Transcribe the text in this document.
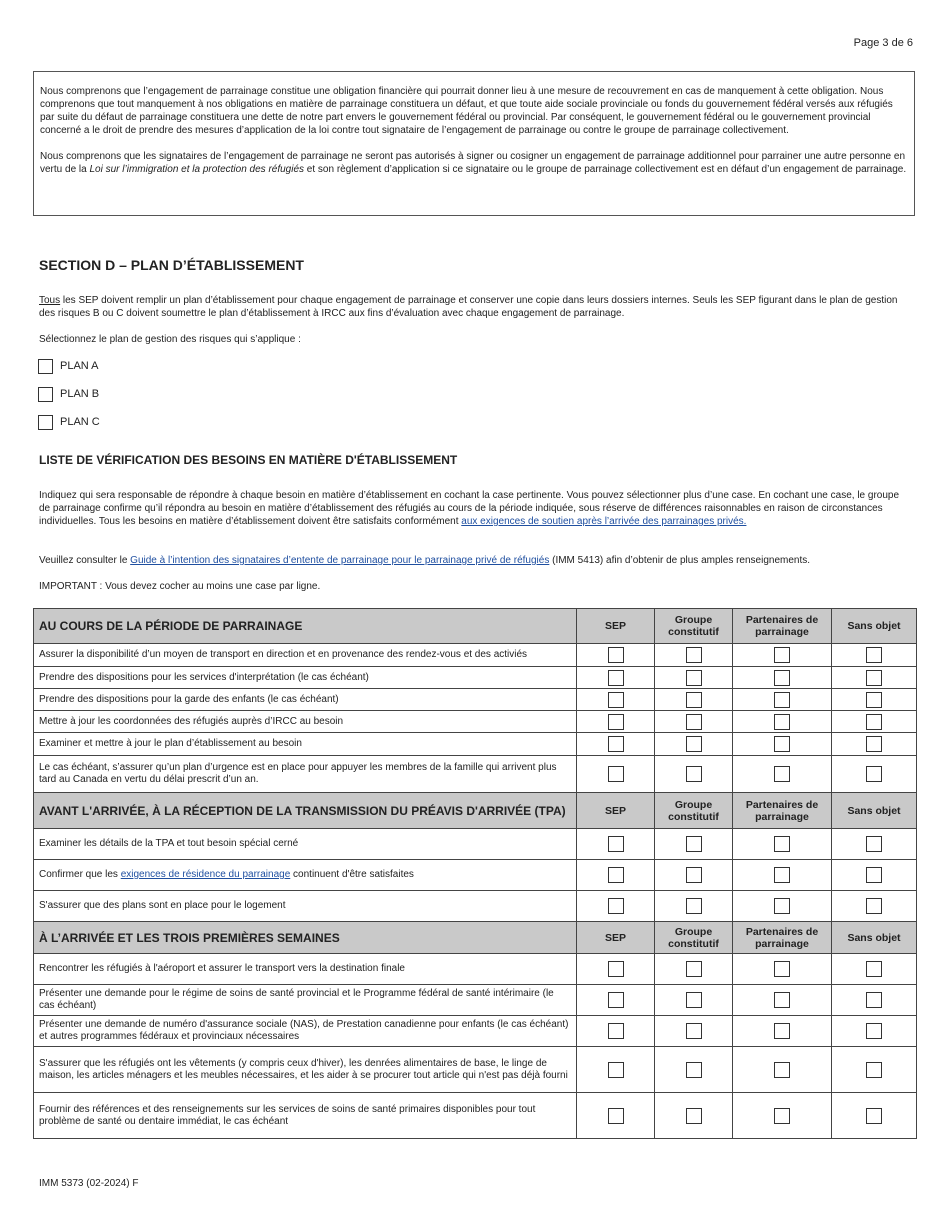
Page 3 de 6

Nous comprenons que l’engagement de parrainage constitue une obligation financière qui pourrait donner lieu à une mesure de recouvrement en cas de manquement à cette obligation. Nous comprenons que tout manquement à nos obligations en matière de parrainage constituera un défaut, et que toute aide sociale provinciale ou fonds du gouvernement fédéral versés aux réfugiés par suite du défaut de parrainage constituera une dette de notre part envers le gouvernement fédéral ou provincial. Par conséquent, le gouvernement fédéral ou le gouvernement provincial concerné a le droit de prendre des mesures d’application de la loi contre tout signataire de l’engagement de parrainage ou contre le groupe de parrainage collectivement.

Nous comprenons que les signataires de l’engagement de parrainage ne seront pas autorisés à signer ou cosigner un engagement de parrainage additionnel pour parrainer une autre personne en vertu de la Loi sur l’immigration et la protection des réfugiés et son règlement d’application si ce signataire ou le groupe de parrainage collectivement est en défaut d’un engagement de parrainage.

SECTION D – PLAN D’ÉTABLISSEMENT
Tous les SEP doivent remplir un plan d’établissement pour chaque engagement de parrainage et conserver une copie dans leurs dossiers internes. Seuls les SEP figurant dans le plan de gestion des risques B ou C doivent soumettre le plan d’établissement à IRCC aux fins d’évaluation avec chaque engagement de parrainage.
Sélectionnez le plan de gestion des risques qui s’applique :
PLAN A
PLAN B
PLAN C
LISTE DE VÉRIFICATION DES BESOINS EN MATIÈRE D'ÉTABLISSEMENT
Indiquez qui sera responsable de répondre à chaque besoin en matière d’établissement en cochant la case pertinente. Vous pouvez sélectionner plus d’une case. En cochant une case, le groupe de parrainage confirme qu’il répondra au besoin en matière d’établissement des réfugiés au cours de la période indiquée, sous réserve de différences raisonnables en raison de circonstances individuelles. Tous les besoins en matière d’établissement doivent être satisfaits conformément aux exigences de soutien après l’arrivée des parrainages privés.
Veuillez consulter le Guide à l’intention des signataires d’entente de parrainage pour le parrainage privé de réfugiés (IMM 5413) afin d’obtenir de plus amples renseignements.
IMPORTANT : Vous devez cocher au moins une case par ligne.
AU COURS DE LA PÉRIODE DE PARRAINAGE	SEP	Groupe constitutif	Partenaires de parrainage	Sans objet
Assurer la disponibilité d’un moyen de transport en direction et en provenance des rendez-vous et des activiés				
Prendre des dispositions pour les services d'interprétation (le cas échéant)				
Prendre des dispositions pour la garde des enfants (le cas échéant)				
Mettre à jour les coordonnées des réfugiés auprès d’IRCC au besoin				
Examiner et mettre à jour le plan d’établissement au besoin				
Le cas échéant, s’assurer qu’un plan d’urgence est en place pour appuyer les membres de la famille qui arrivent plus tard au Canada en vertu du délai prescrit d’un an.				
AVANT L'ARRIVÉE, À LA RÉCEPTION DE LA TRANSMISSION DU PRÉAVIS D'ARRIVÉE (TPA)	SEP	Groupe constitutif	Partenaires de parrainage	Sans objet
Examiner les détails de la TPA et tout besoin spécial cerné				
Confirmer que les exigences de résidence du parrainage continuent d'être satisfaites				
S'assurer que des plans sont en place pour le logement				
À L’ARRIVÉE ET LES TROIS PREMIÈRES SEMAINES	SEP	Groupe constitutif	Partenaires de parrainage	Sans objet
Rencontrer les réfugiés à l'aéroport et assurer le transport vers la destination finale				
Présenter une demande pour le régime de soins de santé provincial et le Programme fédéral de santé intérimaire (le cas échéant)				
Présenter une demande de numéro d'assurance sociale (NAS), de Prestation canadienne pour enfants (le cas échéant) et autres programmes fédéraux et provinciaux nécessaires				
S'assurer que les réfugiés ont les vêtements (y compris ceux d'hiver), les denrées alimentaires de base, le linge de maison, les articles ménagers et les meubles nécessaires, et les aider à se procurer tout article qui n'est pas déjà fourni				
Fournir des références et des renseignements sur les services de soins de santé primaires disponibles pour tout problème de santé ou dentaire immédiat, le cas échéant				
IMM 5373 (02-2024) F
